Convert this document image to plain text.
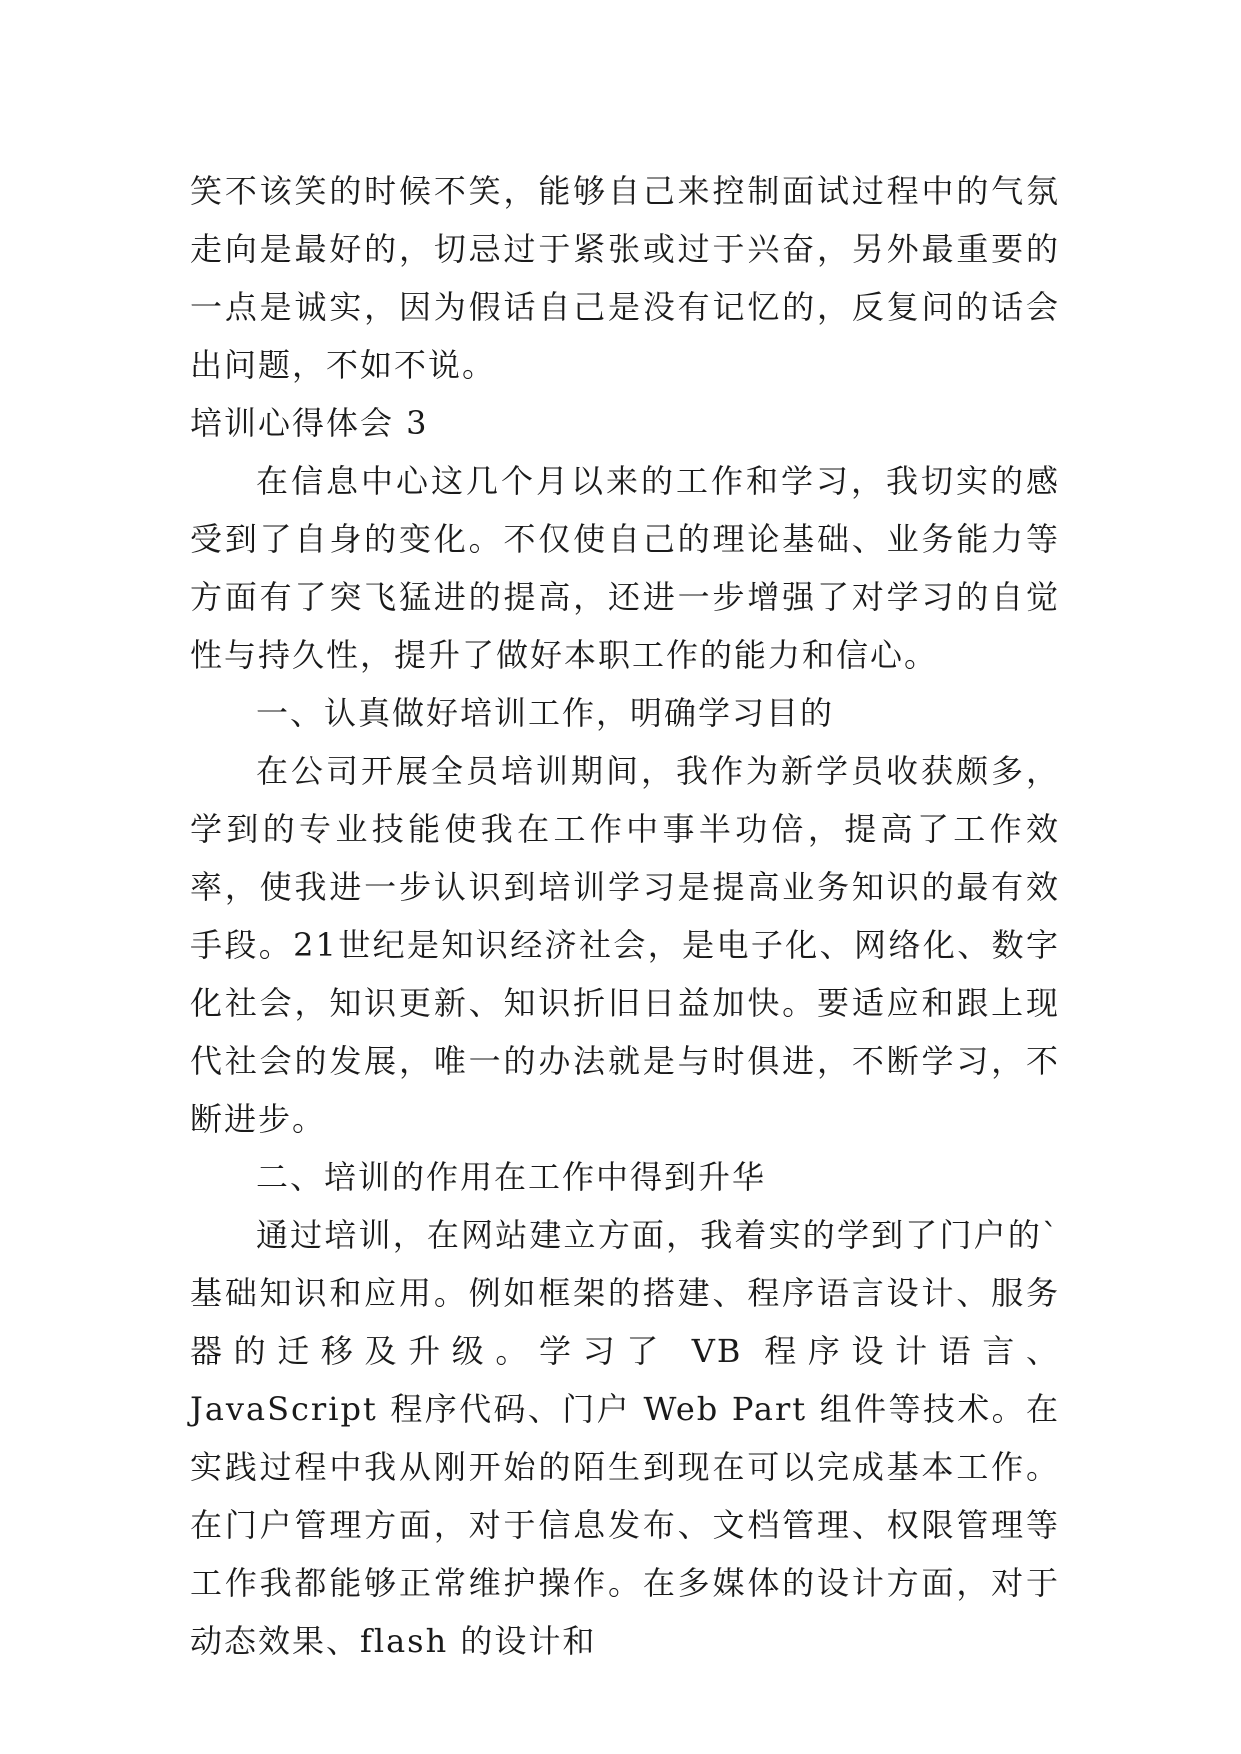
笑不该笑的时候不笑，能够自己来控制面试过程中的气氛走向是最好的，切忌过于紧张或过于兴奋，另外最重要的一点是诚实，因为假话自己是没有记忆的，反复问的话会出问题，不如不说。

培训心得体会 3

在信息中心这几个月以来的工作和学习，我切实的感受到了自身的变化。不仅使自己的理论基础、业务能力等方面有了突飞猛进的提高，还进一步增强了对学习的自觉性与持久性，提升了做好本职工作的能力和信心。

一、认真做好培训工作，明确学习目的

在公司开展全员培训期间，我作为新学员收获颇多，学到的专业技能使我在工作中事半功倍，提高了工作效率，使我进一步认识到培训学习是提高业务知识的最有效手段。21世纪是知识经济社会，是电子化、网络化、数字化社会，知识更新、知识折旧日益加快。要适应和跟上现代社会的发展，唯一的办法就是与时俱进，不断学习，不断进步。

二、培训的作用在工作中得到升华

通过培训，在网站建立方面，我着实的学到了门户的`基础知识和应用。例如框架的搭建、程序语言设计、服务器的迁移及升级。学习了 VB 程序设计语言、JavaScript 程序代码、门户 Web Part 组件等技术。在实践过程中我从刚开始的陌生到现在可以完成基本工作。在门户管理方面，对于信息发布、文档管理、权限管理等工作我都能够正常维护操作。在多媒体的设计方面，对于动态效果、flash 的设计和
